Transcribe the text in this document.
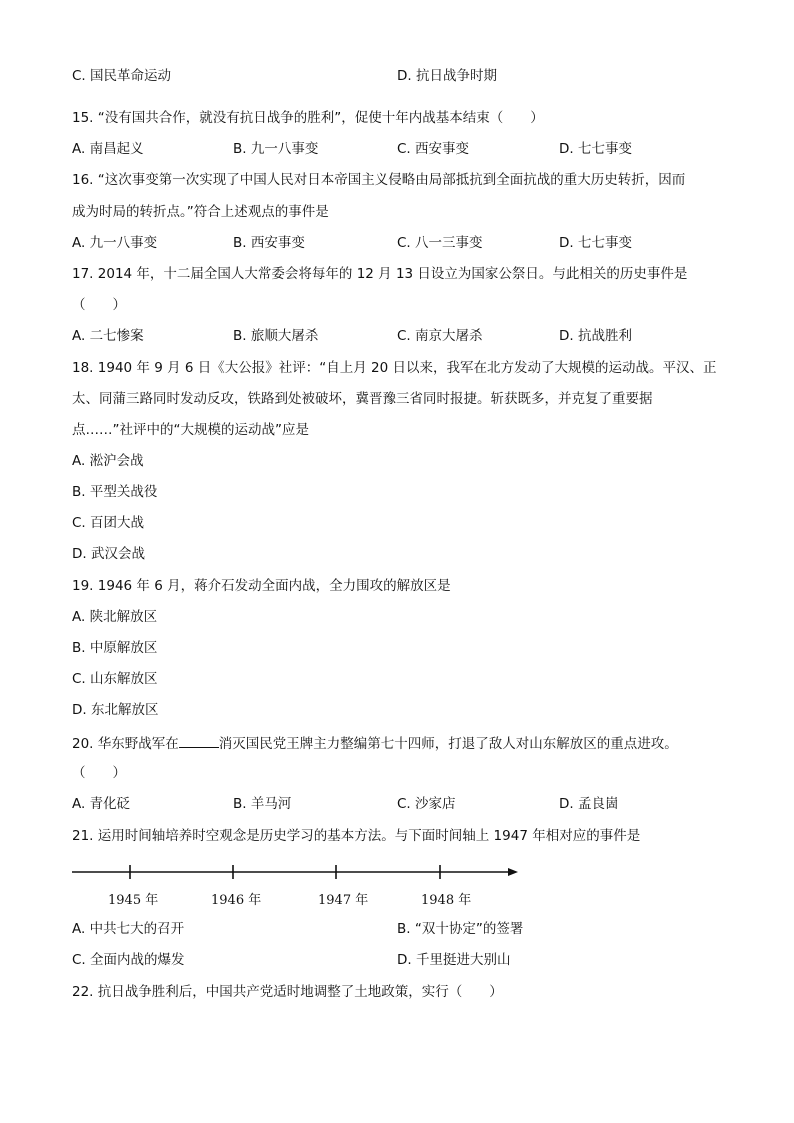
C. 国民革命运动	D. 抗日战争时期
15. “没有国共合作，就没有抗日战争的胜利”，促使十年内战基本结束（　　）
A. 南昌起义	B. 九一八事变	C. 西安事变	D. 七七事变
16. “这次事变第一次实现了中国人民对日本帝国主义侵略由局部抵抗到全面抗战的重大历史转折，因而
成为时局的转折点。”符合上述观点的事件是
A. 九一八事变	B. 西安事变	C. 八一三事变	D. 七七事变
17. 2014 年，十二届全国人大常委会将每年的 12 月 13 日设立为国家公祭日。与此相关的历史事件是
（　　）
A. 二七惨案	B. 旅顺大屠杀	C. 南京大屠杀	D. 抗战胜利
18. 1940 年 9 月 6 日《大公报》社评：“自上月 20 日以来，我军在北方发动了大规模的运动战。平汉、正
太、同蒲三路同时发动反攻，铁路到处被破坏，冀晋豫三省同时报捷。斩获既多，并克复了重要据
点……”社评中的“大规模的运动战”应是
A. 淞沪会战
B. 平型关战役
C. 百团大战
D. 武汉会战
19. 1946 年 6 月，蒋介石发动全面内战，全力围攻的解放区是
A. 陕北解放区
B. 中原解放区
C. 山东解放区
D. 东北解放区
20. 华东野战军在	消灭国民党王牌主力整编第七十四师，打退了敌人对山东解放区的重点进攻。
（　　）
A. 青化砭	B. 羊马河	C. 沙家店	D. 孟良崮
21. 运用时间轴培养时空观念是历史学习的基本方法。与下面时间轴上 1947 年相对应的事件是
1945 年	1946 年	1947 年	1948 年
A. 中共七大的召开	B. “双十协定”的签署
C. 全面内战的爆发	D. 千里挺进大别山
22. 抗日战争胜利后，中国共产党适时地调整了土地政策，实行（　　）
